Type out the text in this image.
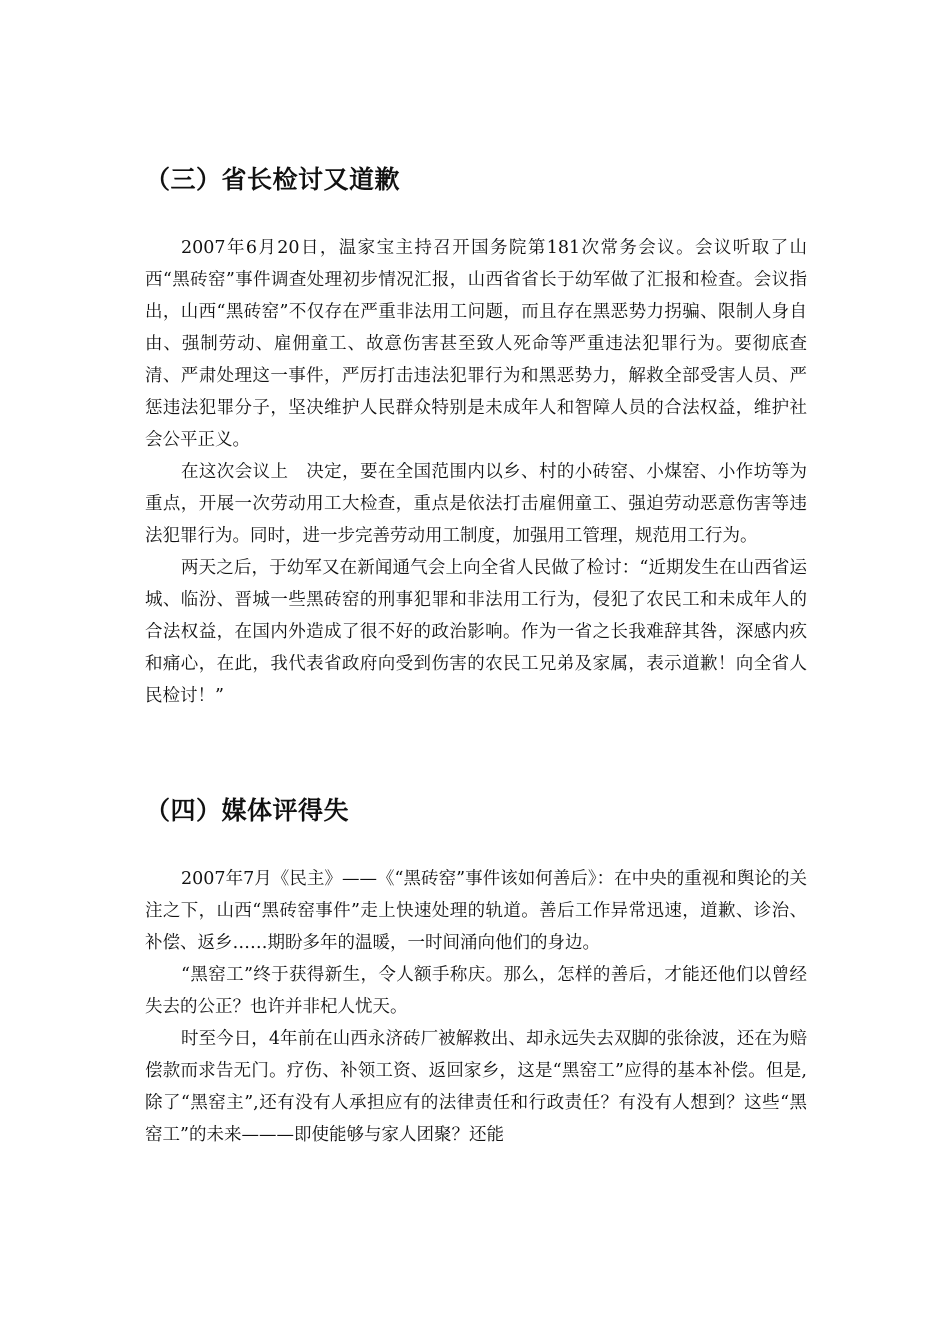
（三）省长检讨又道歉

2007年6月20日，温家宝主持召开国务院第181次常务会议。会议听取了山西“黑砖窑”事件调查处理初步情况汇报，山西省省长于幼军做了汇报和检查。会议指出，山西“黑砖窑”不仅存在严重非法用工问题，而且存在黑恶势力拐骗、限制人身自由、强制劳动、雇佣童工、故意伤害甚至致人死命等严重违法犯罪行为。要彻底查清、严肃处理这一事件，严厉打击违法犯罪行为和黑恶势力，解救全部受害人员、严惩违法犯罪分子，坚决维护人民群众特别是未成年人和智障人员的合法权益，维护社会公平正义。

在这次会议上　决定，要在全国范围内以乡、村的小砖窑、小煤窑、小作坊等为重点，开展一次劳动用工大检查，重点是依法打击雇佣童工、强迫劳动恶意伤害等违法犯罪行为。同时，进一步完善劳动用工制度，加强用工管理，规范用工行为。

两天之后，于幼军又在新闻通气会上向全省人民做了检讨：“近期发生在山西省运城、临汾、晋城一些黑砖窑的刑事犯罪和非法用工行为，侵犯了农民工和未成年人的合法权益，在国内外造成了很不好的政治影响。作为一省之长我难辞其咎，深感内疚和痛心，在此，我代表省政府向受到伤害的农民工兄弟及家属，表示道歉！向全省人民检讨！”

（四）媒体评得失

2007年7月《民主》——《“黑砖窑”事件该如何善后》：在中央的重视和舆论的关注之下，山西“黑砖窑事件”走上快速处理的轨道。善后工作异常迅速，道歉、诊治、补偿、返乡……期盼多年的温暖，一时间涌向他们的身边。

“黑窑工”终于获得新生，令人额手称庆。那么，怎样的善后，才能还他们以曾经失去的公正？也许并非杞人忧天。

时至今日，4年前在山西永济砖厂被解救出、却永远失去双脚的张徐波，还在为赔偿款而求告无门。疗伤、补领工资、返回家乡，这是“黑窑工”应得的基本补偿。但是,除了“黑窑主”,还有没有人承担应有的法律责任和行政责任？有没有人想到？这些“黑窑工”的未来———即使能够与家人团聚？还能
